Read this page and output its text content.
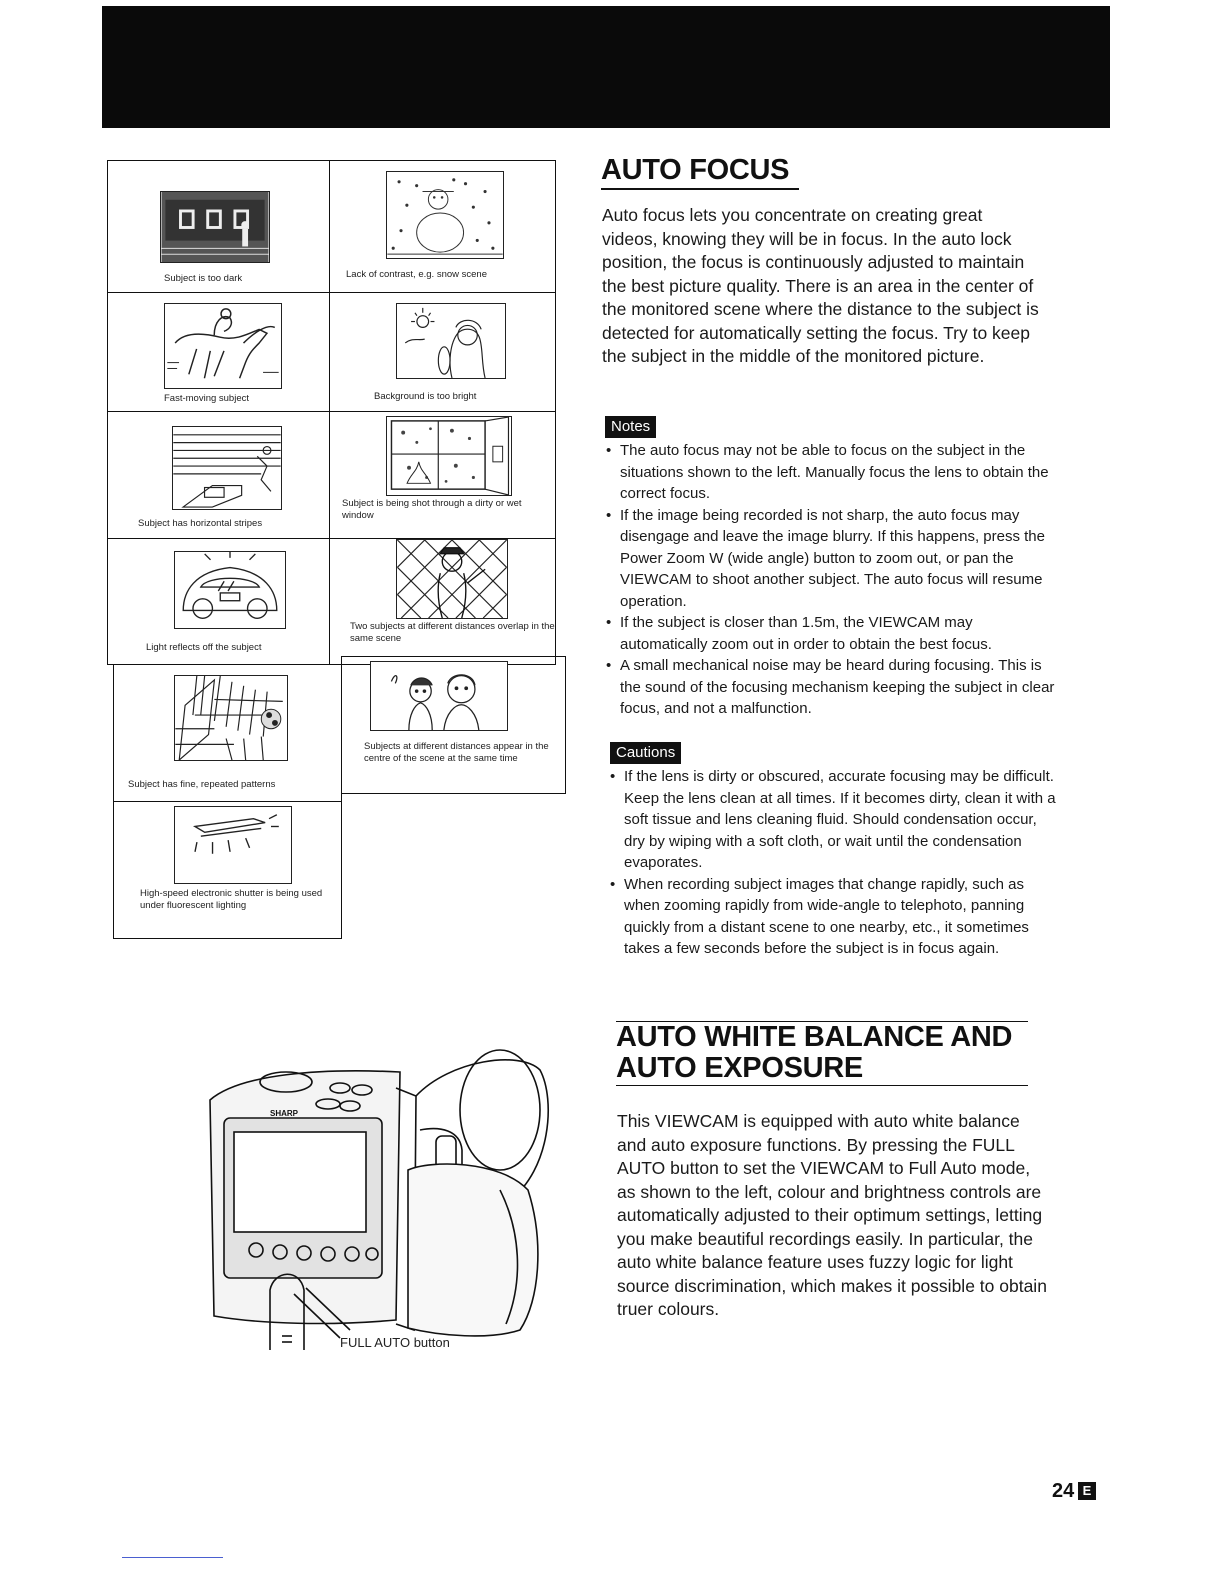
Subject is too dark	Lack of contrast, e.g. snow scene
Fast-moving subject	Background is too bright
Subject has horizontal stripes
Subject is being shot through a dirty or wet window
Light reflects off the subject
Two subjects at different distances overlap in the same scene
Subject has fine, repeated patterns
Subjects at different distances appear in the centre of the scene at the same time
High-speed electronic shutter is being used under fluorescent lighting
AUTO FOCUS

Auto focus lets you concentrate on creating great videos, knowing they will be in focus. In the auto lock position, the focus is continuously adjusted to maintain the best picture quality. There is an area in the center of the monitored scene where the distance to the subject is detected for automatically setting the focus. Try to keep the subject in the middle of the monitored picture.

Notes
• The auto focus may not be able to focus on the subject in the situations shown to the left. Manually focus the lens to obtain the correct focus.
• If the image being recorded is not sharp, the auto focus may disengage and leave the image blurry. If this happens, press the Power Zoom W (wide angle) button to zoom out, or pan the VIEWCAM to shoot another subject. The auto focus will resume operation.
• If the subject is closer than 1.5m, the VIEWCAM may automatically zoom out in order to obtain the best focus.
• A small mechanical noise may be heard during focusing. This is the sound of the focusing mechanism keeping the subject in clear focus, and not a malfunction.
Cautions
• If the lens is dirty or obscured, accurate focusing may be difficult. Keep the lens clean at all times. If it becomes dirty, clean it with a soft tissue and lens cleaning fluid. Should condensation occur, dry by wiping with a soft cloth, or wait until the condensation evaporates.
• When recording subject images that change rapidly, such as when zooming rapidly from wide-angle to telephoto, panning quickly from a distant scene to one nearby, etc., it sometimes takes a few seconds before the subject is in focus again.
AUTO WHITE BALANCE AND
AUTO EXPOSURE

This VIEWCAM is equipped with auto white balance and auto exposure functions. By pressing the FULL AUTO button to set the VIEWCAM to Full Auto mode, as shown to the left, colour and brightness controls are automatically adjusted to their optimum settings, letting you make beautiful recordings easily. In particular, the auto white balance feature uses fuzzy logic for light source discrimination, which makes it possible to obtain truer colours.

SHARP
FULL AUTO button
24 E
